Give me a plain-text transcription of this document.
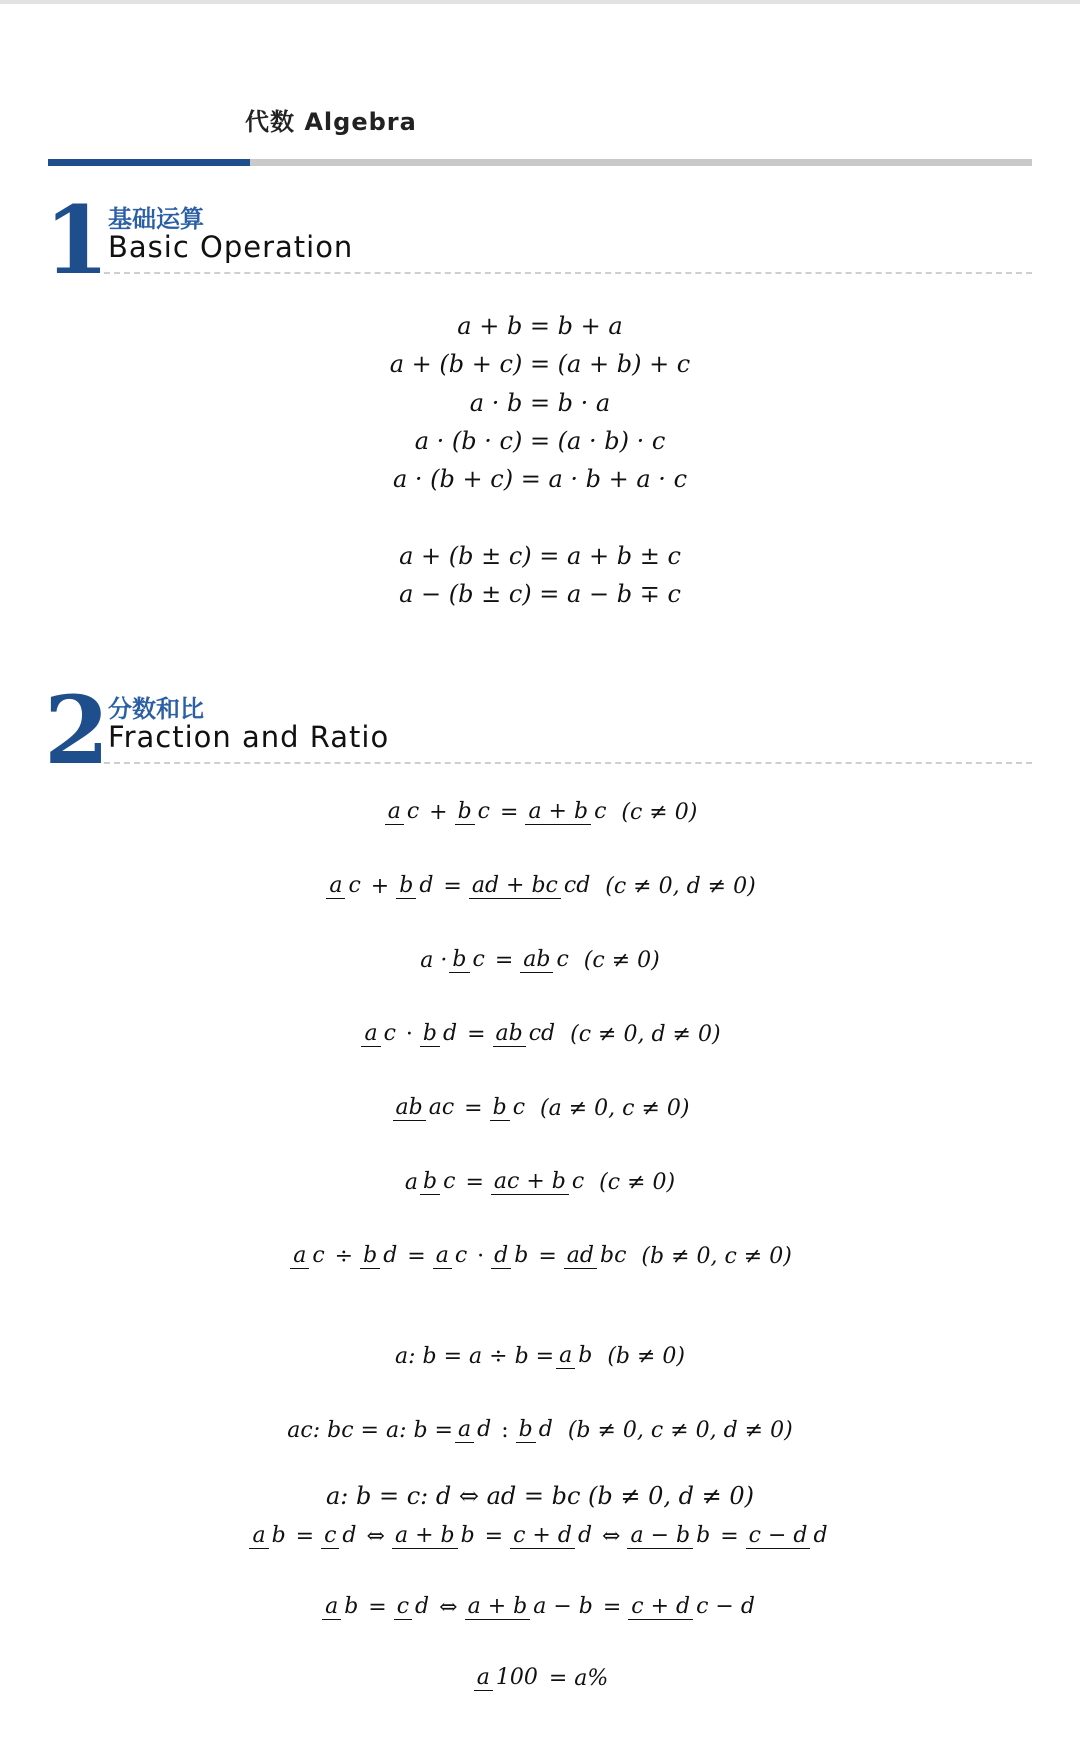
代数 Algebra
1
基础运算
Basic Operation
a + b = b + a
a + (b + c) = (a + b) + c
a · b = b · a
a · (b · c) = (a · b) · c
a · (b + c) = a · b + a · c
a + (b ± c) = a + b ± c
a − (b ± c) = a − b ∓ c
2
分数和比
Fraction and Ratio
a c + b c = a + b c (c ≠ 0)
a c + b d = ad + bc cd (c ≠ 0, d ≠ 0)
a · b c = ab c (c ≠ 0)
a c · b d = ab cd (c ≠ 0, d ≠ 0)
ab ac = b c (a ≠ 0, c ≠ 0)
a b c = ac + b c (c ≠ 0)
a c ÷ b d = a c · d b = ad bc (b ≠ 0, c ≠ 0)
a: b = a ÷ b = a b (b ≠ 0)
ac: bc = a: b = a d : b d (b ≠ 0, c ≠ 0, d ≠ 0)
a: b = c: d ⇔ ad = bc (b ≠ 0, d ≠ 0)
a b = c d ⇔ a + b b = c + d d ⇔ a − b b = c − d d
a b = c d ⇔ a + b a − b = c + d c − d
a 100 = a%
